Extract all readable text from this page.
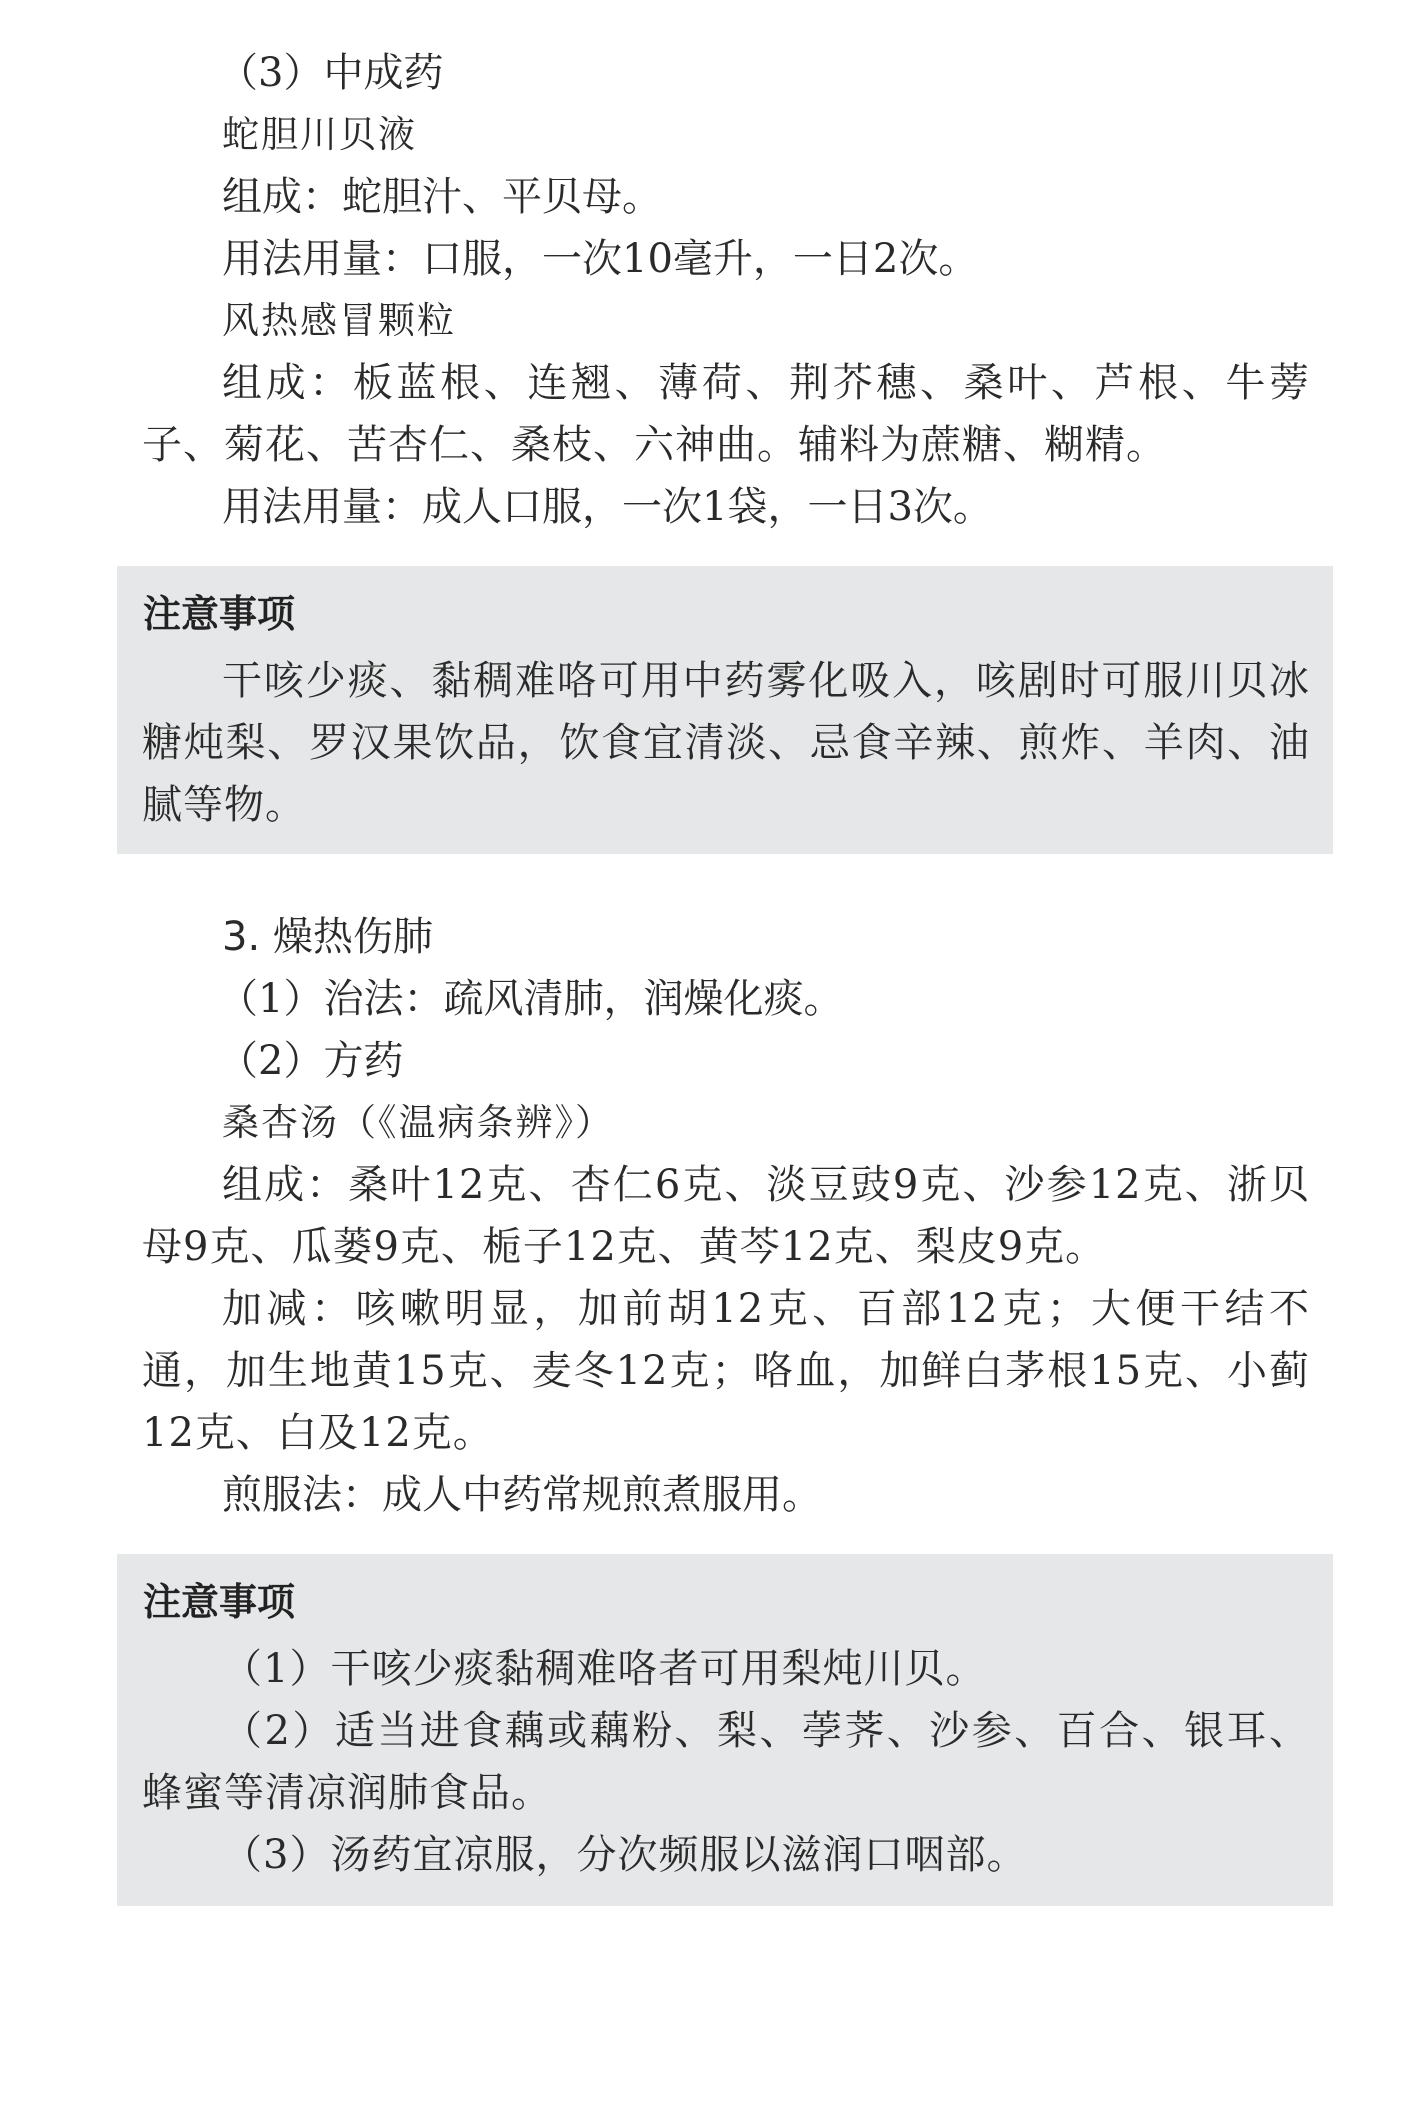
（3）中成药
蛇胆川贝液
组成：蛇胆汁、平贝母。
用法用量：口服，一次10毫升，一日2次。
风热感冒颗粒

组成：板蓝根、连翘、薄荷、荆芥穗、桑叶、芦根、牛蒡子、菊花、苦杏仁、桑枝、六神曲。辅料为蔗糖、糊精。

用法用量：成人口服，一次1袋，一日3次。
注意事项

干咳少痰、黏稠难咯可用中药雾化吸入，咳剧时可服川贝冰糖炖梨、罗汉果饮品，饮食宜清淡、忌食辛辣、煎炸、羊肉、油腻等物。

3. 燥热伤肺
（1）治法：疏风清肺，润燥化痰。
（2）方药
桑杏汤（《温病条辨》）

组成：桑叶12克、杏仁6克、淡豆豉9克、沙参12克、浙贝母9克、瓜蒌9克、栀子12克、黄芩12克、梨皮9克。

加减：咳嗽明显，加前胡12克、百部12克；大便干结不通，加生地黄15克、麦冬12克；咯血，加鲜白茅根15克、小蓟12克、白及12克。

煎服法：成人中药常规煎煮服用。
注意事项

（1）干咳少痰黏稠难咯者可用梨炖川贝。

（2）适当进食藕或藕粉、梨、荸荠、沙参、百合、银耳、蜂蜜等清凉润肺食品。

（3）汤药宜凉服，分次频服以滋润口咽部。
